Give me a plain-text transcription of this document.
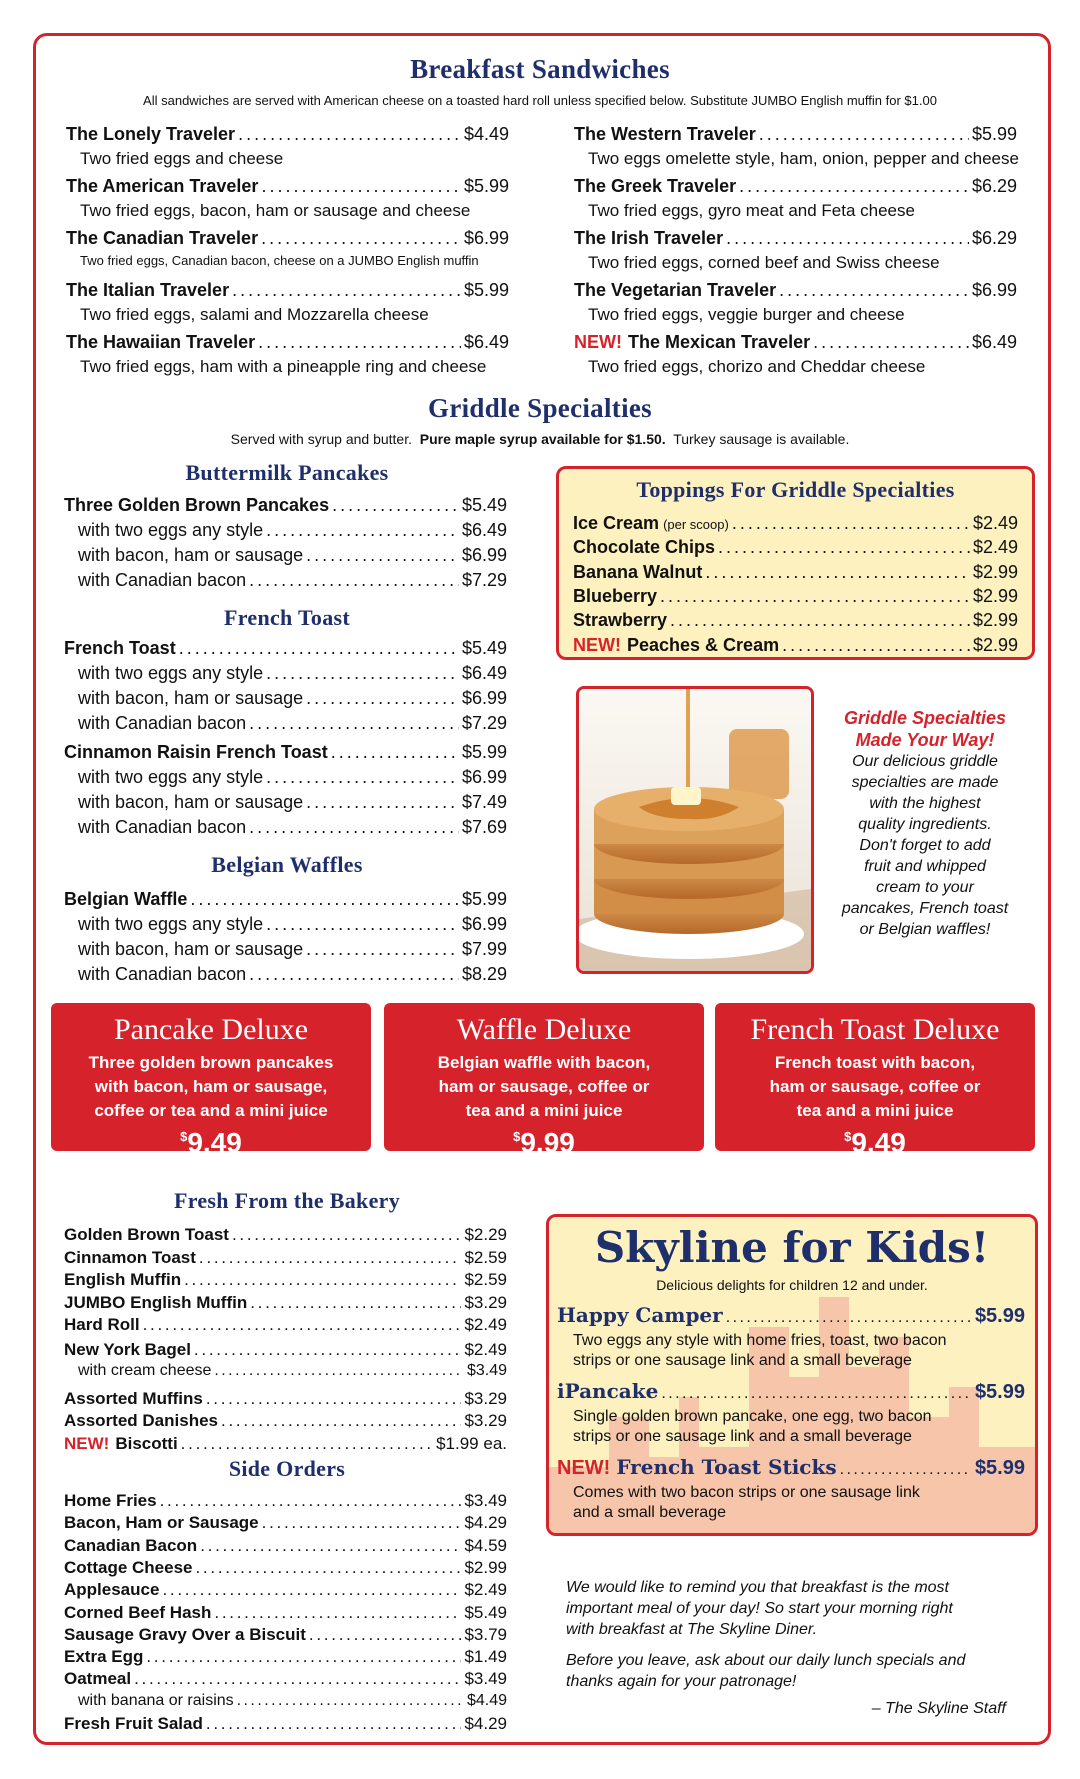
Breakfast Sandwiches
All sandwiches are served with American cheese on a toasted hard roll unless specified below. Substitute JUMBO English muffin for $1.00
The Lonely Traveler . . .	$4.49
Two fried eggs and cheese
The American Traveler . . .	$5.99
Two fried eggs, bacon, ham or sausage and cheese
The Canadian Traveler . . .	$6.99
Two fried eggs, Canadian bacon, cheese on a JUMBO English muffin
The Italian Traveler . . .	$5.99
Two fried eggs, salami and Mozzarella cheese
The Hawaiian Traveler . . .	$6.49
Two fried eggs, ham with a pineapple ring and cheese
The Western Traveler . . .	$5.99
Two eggs omelette style, ham, onion, pepper and cheese
The Greek Traveler . . .	$6.29
Two fried eggs, gyro meat and Feta cheese
The Irish Traveler . . .	$6.29
Two fried eggs, corned beef and Swiss cheese
The Vegetarian Traveler . . .	$6.99
Two fried eggs, veggie burger and cheese
NEW! The Mexican Traveler . . .	$6.49
Two fried eggs, chorizo and Cheddar cheese
Griddle Specialties
Served with syrup and butter. Pure maple syrup available for $1.50. Turkey sausage is available.
Buttermilk Pancakes
French Toast
Belgian Waffles
Three Golden Brown Pancakes . . .	$5.49
with two eggs any style . . .	$6.49
with bacon, ham or sausage . . .	$6.99
with Canadian bacon . . .	$7.29
French Toast . . .	$5.49
with two eggs any style . . .	$6.49
with bacon, ham or sausage . . .	$6.99
with Canadian bacon . . .	$7.29
Cinnamon Raisin French Toast . . .	$5.99
with two eggs any style . . .	$6.99
with bacon, ham or sausage . . .	$7.49
with Canadian bacon . . .	$7.69
Belgian Waffle . . .	$5.99
with two eggs any style . . .	$6.99
with bacon, ham or sausage . . .	$7.99
with Canadian bacon . . .	$8.29
Toppings For Griddle Specialties
Ice Cream (per scoop) . . .	$2.49
Chocolate Chips . . .	$2.49
Banana Walnut . . .	$2.99
Blueberry . . .	$2.99
Strawberry . . .	$2.99
NEW! Peaches & Cream . . .	$2.99
Griddle Specialties
Made Your Way!
Our delicious griddle
specialties are made
with the highest
quality ingredients.
Don't forget to add
fruit and whipped
cream to your
pancakes, French toast
or Belgian waffles!
Pancake Deluxe
Three golden brown pancakes
with bacon, ham or sausage,
coffee or tea and a mini juice
$9.49
Waffle Deluxe
Belgian waffle with bacon,
ham or sausage, coffee or
tea and a mini juice
$9.99
French Toast Deluxe
French toast with bacon,
ham or sausage, coffee or
tea and a mini juice
$9.49
Fresh From the Bakery
Golden Brown Toast . . .	$2.29
Cinnamon Toast . . .	$2.59
English Muffin . . .	$2.59
JUMBO English Muffin . . .	$3.29
Hard Roll . . .	$2.49
New York Bagel . . .	$2.49
with cream cheese . . .	$3.49
Assorted Muffins . . .	$3.29
Assorted Danishes . . .	$3.29
NEW! Biscotti . . .	$1.99 ea.
Side Orders
Home Fries . . .	$3.49
Bacon, Ham or Sausage . . .	$4.29
Canadian Bacon . . .	$4.59
Cottage Cheese . . .	$2.99
Applesauce . . .	$2.49
Corned Beef Hash . . .	$5.49
Sausage Gravy Over a Biscuit . . .	$3.79
Extra Egg . . .	$1.49
Oatmeal . . .	$3.49
with banana or raisins . . .	$4.49
Fresh Fruit Salad . . .	$4.29
Skyline for Kids!
Delicious delights for children 12 and under.
Happy Camper . . .	$5.99
Two eggs any style with home fries, toast, two bacon
strips or one sausage link and a small beverage
iPancake . . .	$5.99
Single golden brown pancake, one egg, two bacon
strips or one sausage link and a small beverage
NEW! French Toast Sticks . . .	$5.99
Comes with two bacon strips or one sausage link
and a small beverage
We would like to remind you that breakfast is the most
important meal of your day! So start your morning right
with breakfast at The Skyline Diner.
Before you leave, ask about our daily lunch specials and
thanks again for your patronage!
– The Skyline Staff
